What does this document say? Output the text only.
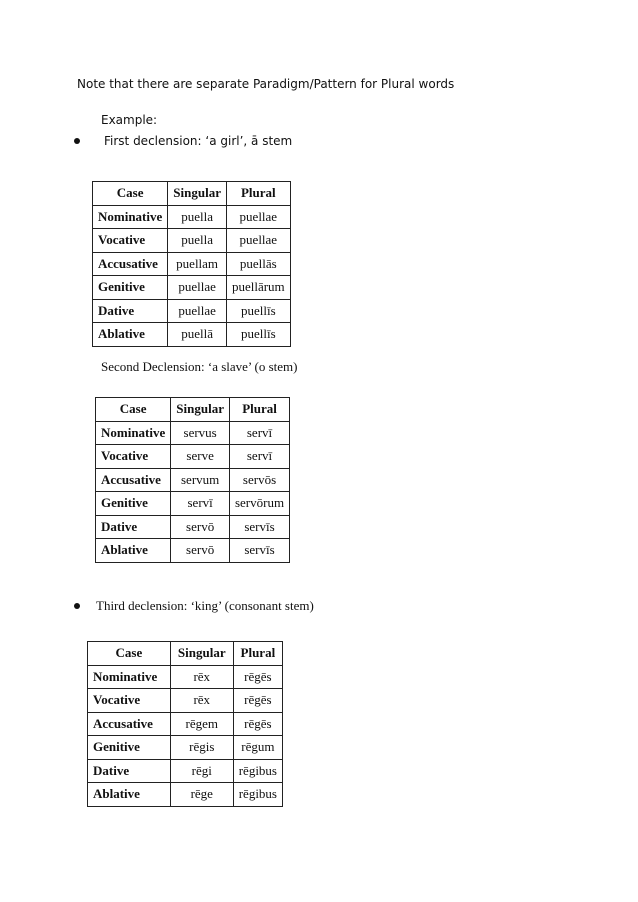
Note that there are separate Paradigm/Pattern for Plural words
Example:
First declension: ‘a girl’, ā stem
Case	Singular	Plural
Nominative	puella	puellae
Vocative	puella	puellae
Accusative	puellam	puellās
Genitive	puellae	puellārum
Dative	puellae	puellīs
Ablative	puellā	puellīs
Second Declension: ‘a slave’ (o stem)
Case	Singular	Plural
Nominative	servus	servī
Vocative	serve	servī
Accusative	servum	servōs
Genitive	servī	servōrum
Dative	servō	servīs
Ablative	servō	servīs
Third declension: ‘king’ (consonant stem)
Case	Singular	Plural
Nominative	rēx	rēgēs
Vocative	rēx	rēgēs
Accusative	rēgem	rēgēs
Genitive	rēgis	rēgum
Dative	rēgi	rēgibus
Ablative	rēge	rēgibus
